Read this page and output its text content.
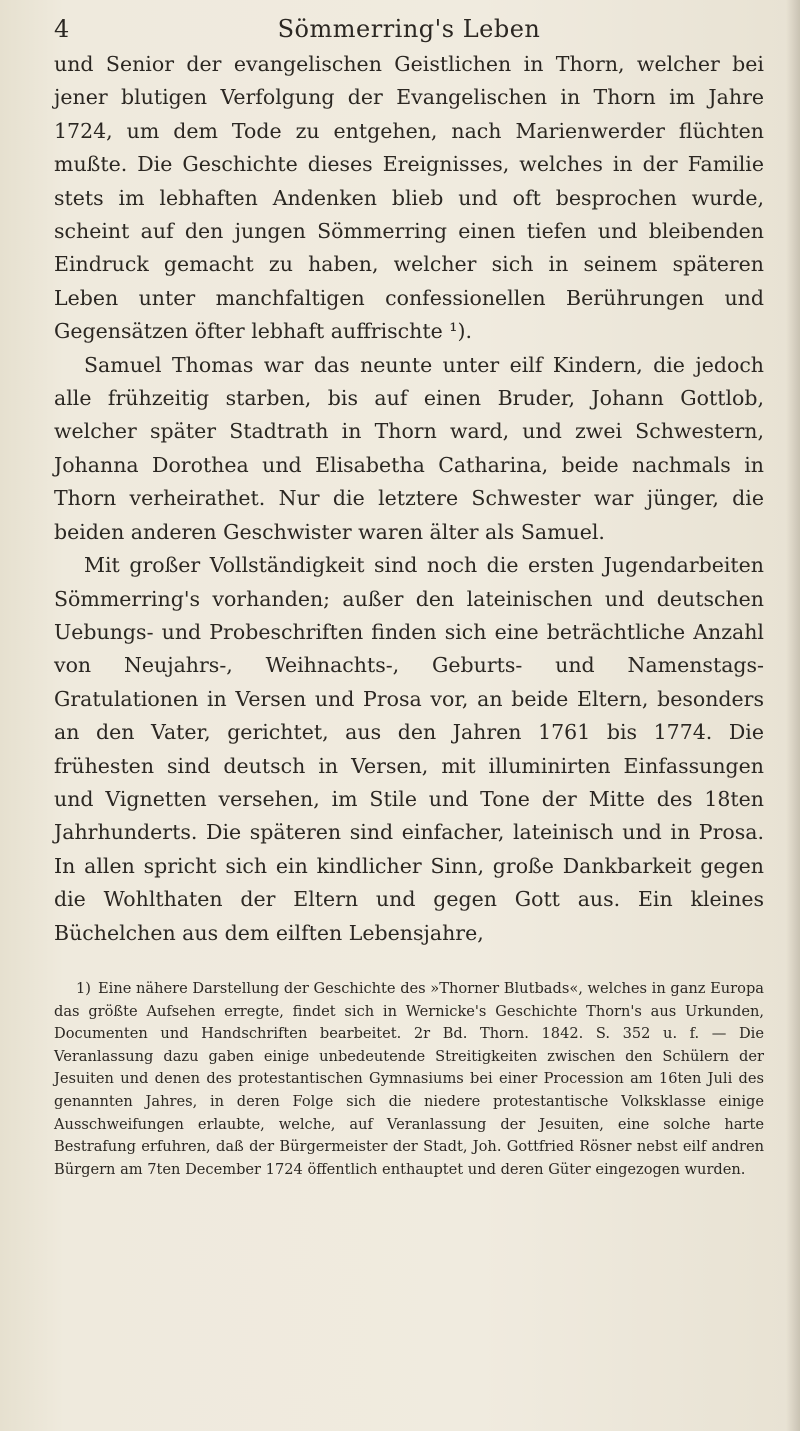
4	Sömmerring's Leben

und Senior der evangelischen Geistlichen in Thorn, welcher bei jener blutigen Verfolgung der Evangelischen in Thorn im Jahre 1724, um dem Tode zu entgehen, nach Marienwerder flüchten mußte. Die Geschichte dieses Ereignisses, welches in der Familie stets im lebhaften Andenken blieb und oft besprochen wurde, scheint auf den jungen Sömmerring einen tiefen und bleibenden Eindruck gemacht zu haben, welcher sich in seinem späteren Leben unter manchfaltigen confessionellen Berührungen und Gegensätzen öfter lebhaft auffrischte ¹).

Samuel Thomas war das neunte unter eilf Kindern, die jedoch alle frühzeitig starben, bis auf einen Bruder, Johann Gottlob, welcher später Stadtrath in Thorn ward, und zwei Schwestern, Johanna Dorothea und Elisabetha Catharina, beide nachmals in Thorn verheirathet. Nur die letztere Schwester war jünger, die beiden anderen Geschwister waren älter als Samuel.

Mit großer Vollständigkeit sind noch die ersten Jugendarbeiten Sömmerring's vorhanden; außer den lateinischen und deutschen Uebungs- und Probeschriften finden sich eine beträchtliche Anzahl von Neujahrs-, Weihnachts-, Geburts- und Namenstags-Gratulationen in Versen und Prosa vor, an beide Eltern, besonders an den Vater, gerichtet, aus den Jahren 1761 bis 1774. Die frühesten sind deutsch in Versen, mit illuminirten Einfassungen und Vignetten versehen, im Stile und Tone der Mitte des 18ten Jahrhunderts. Die späteren sind einfacher, lateinisch und in Prosa. In allen spricht sich ein kindlicher Sinn, große Dankbarkeit gegen die Wohlthaten der Eltern und gegen Gott aus. Ein kleines Büchelchen aus dem eilften Lebensjahre,

1) Eine nähere Darstellung der Geschichte des »Thorner Blutbads«, welches in ganz Europa das größte Aufsehen erregte, findet sich in Wernicke's Geschichte Thorn's aus Urkunden, Documenten und Handschriften bearbeitet. 2r Bd. Thorn. 1842. S. 352 u. f. — Die Veranlassung dazu gaben einige unbedeutende Streitigkeiten zwischen den Schülern der Jesuiten und denen des protestantischen Gymnasiums bei einer Procession am 16ten Juli des genannten Jahres, in deren Folge sich die niedere protestantische Volksklasse einige Ausschweifungen erlaubte, welche, auf Veranlassung der Jesuiten, eine solche harte Bestrafung erfuhren, daß der Bürgermeister der Stadt, Joh. Gottfried Rösner nebst eilf andren Bürgern am 7ten December 1724 öffentlich enthauptet und deren Güter eingezogen wurden.
